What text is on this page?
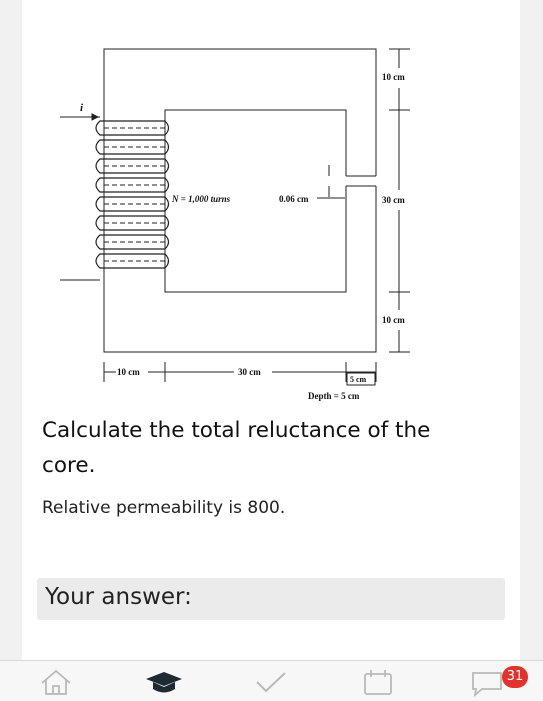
i
N = 1,000 turns	0.06 cm
10 cm
30 cm
10 cm
10 cm	30 cm
5 cm
Depth = 5 cm
Calculate the total reluctance of the core.
Relative permeability is 800.
Your answer:
31
